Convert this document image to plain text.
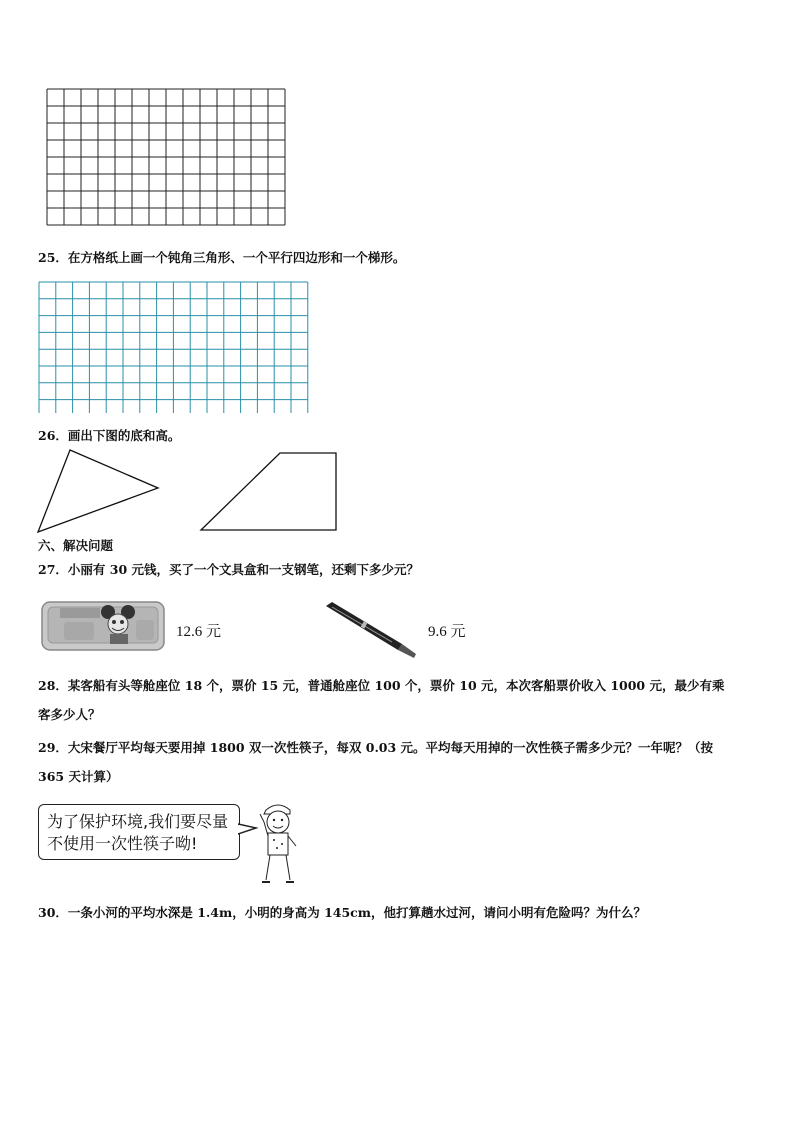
25．在方格纸上画一个钝角三角形、一个平行四边形和一个梯形。
26．画出下图的底和高。
六、解决问题
27．小丽有 30 元钱，买了一个文具盒和一支钢笔，还剩下多少元？
12.6 元	9.6 元
28．某客船有头等舱座位 18 个，票价 15 元，普通舱座位 100 个，票价 10 元，本次客船票价收入 1000 元，最少有乘
客多少人？
29．大宋餐厅平均每天要用掉 1800 双一次性筷子，每双 0.03 元。平均每天用掉的一次性筷子需多少元？一年呢？（按
365 天计算）
为了保护环境,我们要尽量
不使用一次性筷子呦!
30．一条小河的平均水深是 1.4m，小明的身高为 145cm，他打算趟水过河，请问小明有危险吗？为什么？
